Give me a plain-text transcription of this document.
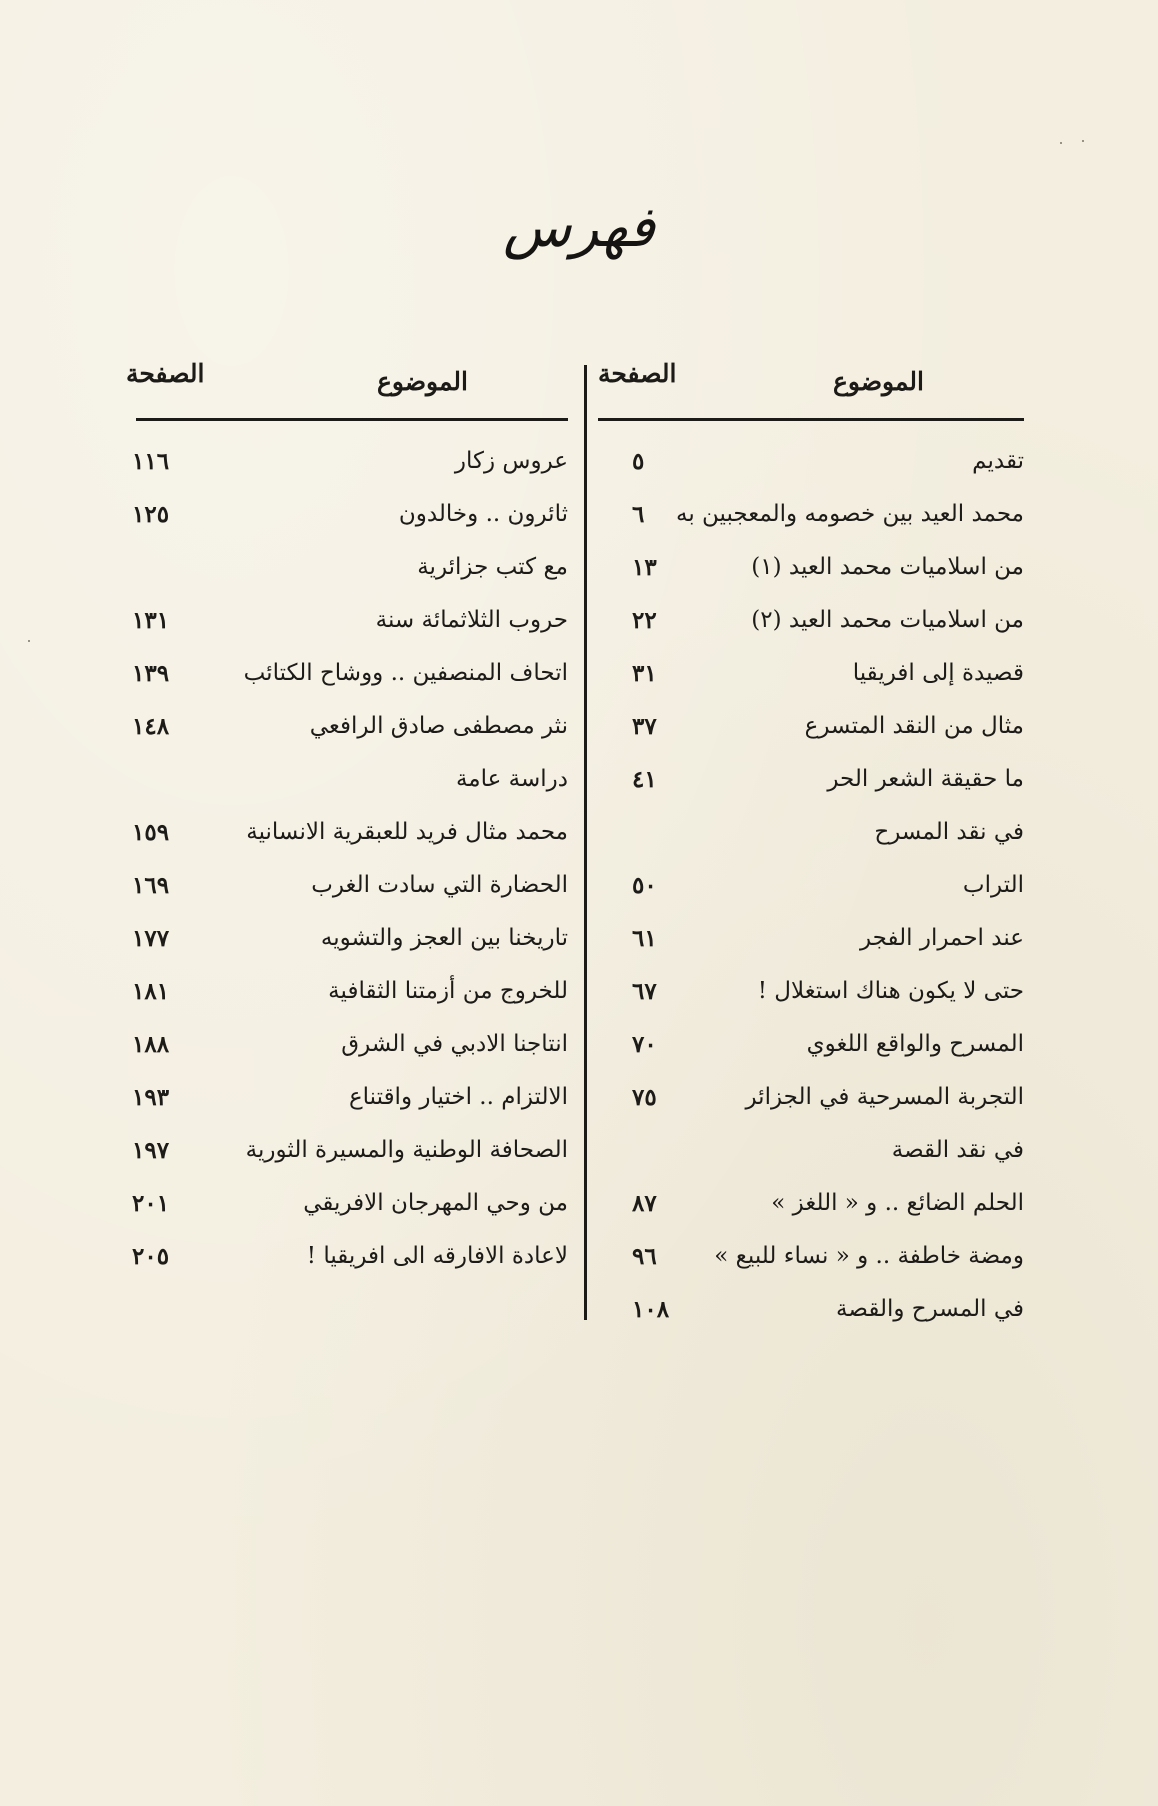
فهرس
الموضوع
الصفحة
تقديم
٥
محمد العيد بين خصومه والمعجبين به
٦
من اسلاميات محمد العيد (١)
١٣
من اسلاميات محمد العيد (٢)
٢٢
قصيدة إلى افريقيا
٣١
مثال من النقد المتسرع
٣٧
ما حقيقة الشعر الحر
٤١
في نقد المسرح
التراب
٥٠
عند احمرار الفجر
٦١
حتى لا يكون هناك استغلال !
٦٧
المسرح والواقع اللغوي
٧٠
التجربة المسرحية في الجزائر
٧٥
في نقد القصة
الحلم الضائع .. و « اللغز »
٨٧
ومضة خاطفة .. و « نساء للبيع »
٩٦
في المسرح والقصة
١٠٨
الموضوع
الصفحة
عروس زكار
١١٦
ثائرون .. وخالدون
١٢٥
مع كتب جزائرية
حروب الثلاثمائة سنة
١٣١
اتحاف المنصفين .. ووشاح الكتائب
١٣٩
نثر مصطفى صادق الرافعي
١٤٨
دراسة عامة
محمد مثال فريد للعبقرية الانسانية
١٥٩
الحضارة التي سادت الغرب
١٦٩
تاريخنا بين العجز والتشويه
١٧٧
للخروج من أزمتنا الثقافية
١٨١
انتاجنا الادبي في الشرق
١٨٨
الالتزام .. اختيار واقتناع
١٩٣
الصحافة الوطنية والمسيرة الثورية
١٩٧
من وحي المهرجان الافريقي
٢٠١
لاعادة الافارقه الى افريقيا !
٢٠٥
